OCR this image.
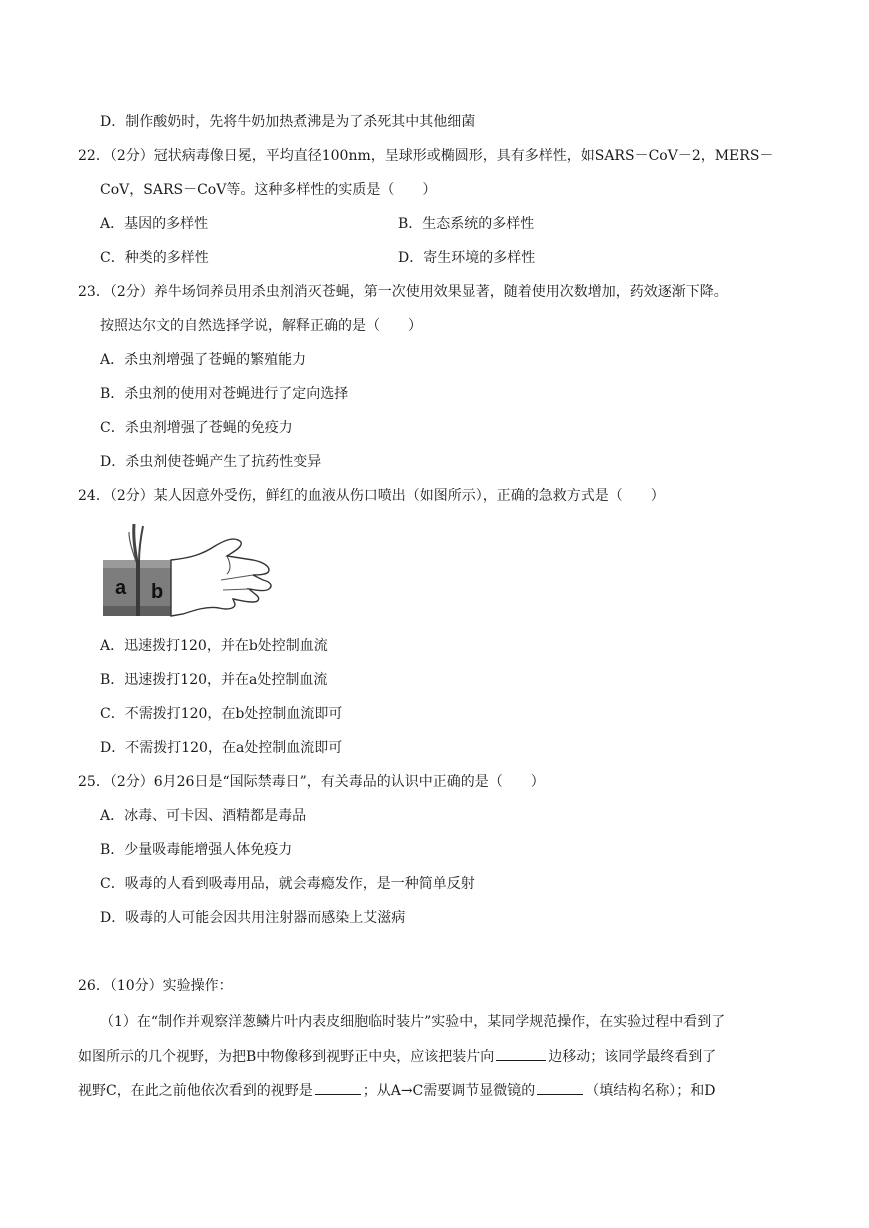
D．制作酸奶时，先将牛奶加热煮沸是为了杀死其中其他细菌
22．（2分）冠状病毒像日冕，平均直径100nm，呈球形或椭圆形，具有多样性，如SARS－CoV－2，MERS－
CoV，SARS－CoV等。这种多样性的实质是（　　）
A．基因的多样性	B．生态系统的多样性
C．种类的多样性	D．寄生环境的多样性
23．（2分）养牛场饲养员用杀虫剂消灭苍蝇，第一次使用效果显著，随着使用次数增加，药效逐渐下降。
按照达尔文的自然选择学说，解释正确的是（　　）
A．杀虫剂增强了苍蝇的繁殖能力
B．杀虫剂的使用对苍蝇进行了定向选择
C．杀虫剂增强了苍蝇的免疫力
D．杀虫剂使苍蝇产生了抗药性变异
24．（2分）某人因意外受伤，鲜红的血液从伤口喷出（如图所示），正确的急救方式是（　　）
a b
A．迅速拨打120，并在b处控制血流
B．迅速拨打120，并在a处控制血流
C．不需拨打120，在b处控制血流即可
D．不需拨打120，在a处控制血流即可
25．（2分）6月26日是“国际禁毒日”，有关毒品的认识中正确的是（　　）
A．冰毒、可卡因、酒精都是毒品
B．少量吸毒能增强人体免疫力
C．吸毒的人看到吸毒用品，就会毒瘾发作，是一种简单反射
D．吸毒的人可能会因共用注射器而感染上艾滋病
26．（10分）实验操作：
（1）在“制作并观察洋葱鳞片叶内表皮细胞临时装片”实验中，某同学规范操作，在实验过程中看到了
如图所示的几个视野，为把B中物像移到视野正中央，应该把装片向	边移动；该同学最终看到了
视野C，在此之前他依次看到的视野是	；从A→C需要调节显微镜的	（填结构名称）；和D
